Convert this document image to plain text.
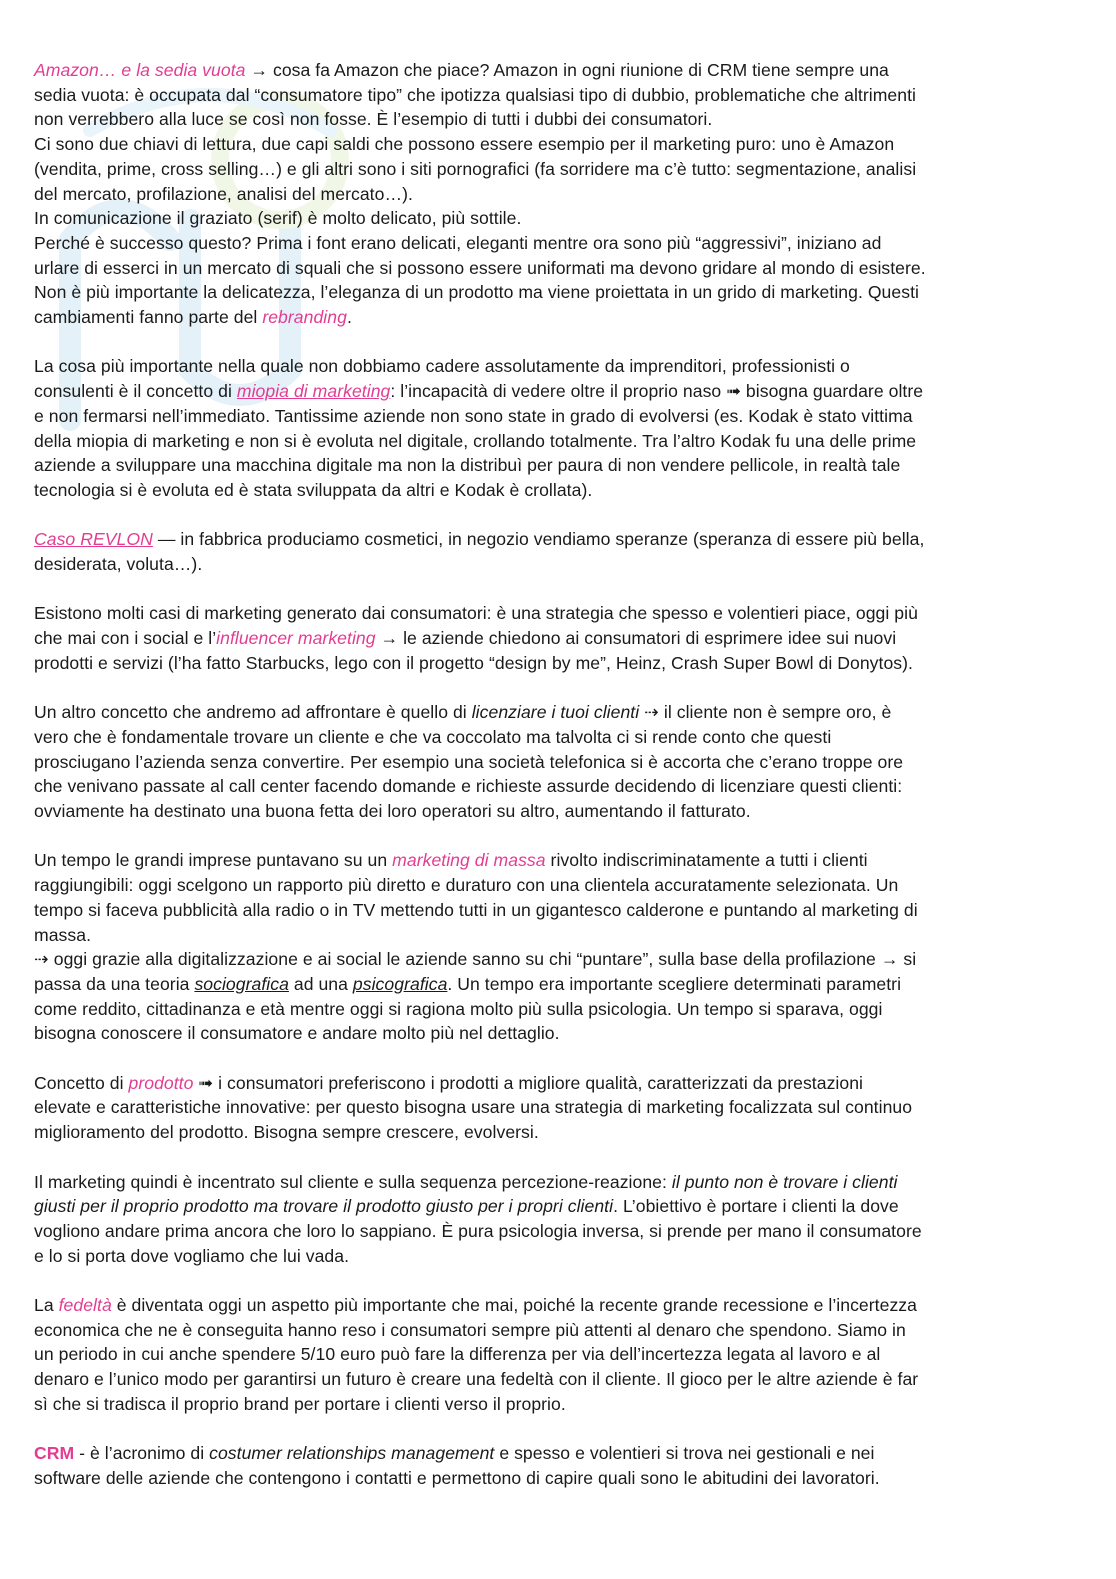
Amazon… e la sedia vuota → cosa fa Amazon che piace? Amazon in ogni riunione di CRM tiene sempre una
sedia vuota: è occupata dal “consumatore tipo” che ipotizza qualsiasi tipo di dubbio, problematiche che altrimenti
non verrebbero alla luce se così non fosse. È l’esempio di tutti i dubbi dei consumatori.
Ci sono due chiavi di lettura, due capi saldi che possono essere esempio per il marketing puro: uno è Amazon
(vendita, prime, cross selling…) e gli altri sono i siti pornografici (fa sorridere ma c’è tutto: segmentazione, analisi
del mercato, profilazione, analisi del mercato…).
In comunicazione il graziato (serif) è molto delicato, più sottile.
Perché è successo questo? Prima i font erano delicati, eleganti mentre ora sono più “aggressivi”, iniziano ad
urlare di esserci in un mercato di squali che si possono essere uniformati ma devono gridare al mondo di esistere.
Non è più importante la delicatezza, l’eleganza di un prodotto ma viene proiettata in un grido di marketing. Questi
cambiamenti fanno parte del rebranding.

La cosa più importante nella quale non dobbiamo cadere assolutamente da imprenditori, professionisti o
consulenti è il concetto di miopia di marketing: l’incapacità di vedere oltre il proprio naso ➟ bisogna guardare oltre
e non fermarsi nell’immediato. Tantissime aziende non sono state in grado di evolversi (es. Kodak è stato vittima
della miopia di marketing e non si è evoluta nel digitale, crollando totalmente. Tra l’altro Kodak fu una delle prime
aziende a sviluppare una macchina digitale ma non la distribuì per paura di non vendere pellicole, in realtà tale
tecnologia si è evoluta ed è stata sviluppata da altri e Kodak è crollata).

Caso REVLON — in fabbrica produciamo cosmetici, in negozio vendiamo speranze (speranza di essere più bella,
desiderata, voluta…).

Esistono molti casi di marketing generato dai consumatori: è una strategia che spesso e volentieri piace, oggi più
che mai con i social e l’influencer marketing → le aziende chiedono ai consumatori di esprimere idee sui nuovi
prodotti e servizi (l’ha fatto Starbucks, lego con il progetto “design by me”, Heinz, Crash Super Bowl di Donytos).

Un altro concetto che andremo ad affrontare è quello di licenziare i tuoi clienti ⇢ il cliente non è sempre oro, è
vero che è fondamentale trovare un cliente e che va coccolato ma talvolta ci si rende conto che questi
prosciugano l’azienda senza convertire. Per esempio una società telefonica si è accorta che c’erano troppe ore
che venivano passate al call center facendo domande e richieste assurde decidendo di licenziare questi clienti:
ovviamente ha destinato una buona fetta dei loro operatori su altro, aumentando il fatturato.

Un tempo le grandi imprese puntavano su un marketing di massa rivolto indiscriminatamente a tutti i clienti
raggiungibili: oggi scelgono un rapporto più diretto e duraturo con una clientela accuratamente selezionata. Un
tempo si faceva pubblicità alla radio o in TV mettendo tutti in un gigantesco calderone e puntando al marketing di
massa.
⇢ oggi grazie alla digitalizzazione e ai social le aziende sanno su chi “puntare”, sulla base della profilazione → si
passa da una teoria sociografica ad una psicografica. Un tempo era importante scegliere determinati parametri
come reddito, cittadinanza e età mentre oggi si ragiona molto più sulla psicologia. Un tempo si sparava, oggi
bisogna conoscere il consumatore e andare molto più nel dettaglio.

Concetto di prodotto ➟ i consumatori preferiscono i prodotti a migliore qualità, caratterizzati da prestazioni
elevate e caratteristiche innovative: per questo bisogna usare una strategia di marketing focalizzata sul continuo
miglioramento del prodotto. Bisogna sempre crescere, evolversi.

Il marketing quindi è incentrato sul cliente e sulla sequenza percezione-reazione: il punto non è trovare i clienti
giusti per il proprio prodotto ma trovare il prodotto giusto per i propri clienti. L’obiettivo è portare i clienti la dove
vogliono andare prima ancora che loro lo sappiano. È pura psicologia inversa, si prende per mano il consumatore
e lo si porta dove vogliamo che lui vada.

La fedeltà è diventata oggi un aspetto più importante che mai, poiché la recente grande recessione e l’incertezza
economica che ne è conseguita hanno reso i consumatori sempre più attenti al denaro che spendono. Siamo in
un periodo in cui anche spendere 5/10 euro può fare la differenza per via dell’incertezza legata al lavoro e al
denaro e l’unico modo per garantirsi un futuro è creare una fedeltà con il cliente. Il gioco per le altre aziende è far
sì che si tradisca il proprio brand per portare i clienti verso il proprio.

CRM - è l’acronimo di costumer relationships management e spesso e volentieri si trova nei gestionali e nei
software delle aziende che contengono i contatti e permettono di capire quali sono le abitudini dei lavoratori.
